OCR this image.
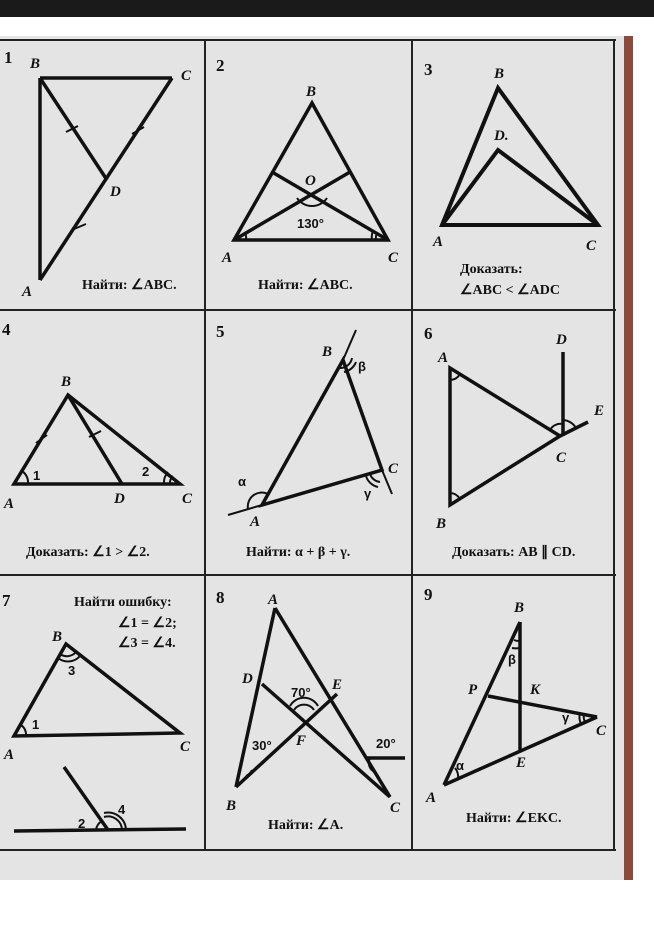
1 B
C
D
A	Найти: ∠ABC.
2
B
O
130°
A	C
Найти: ∠ABC.
3	B
D.
A	C
Доказать:
∠ABC < ∠ADC
4
B
1	2
A	D	C
Доказать: ∠1 > ∠2.
5
B
β
C
γ
α
A
Найти: α + β + γ.
6	D
A
E
C
B
Доказать: AB ∥ CD.
7	Найти ошибку:
∠1 = ∠2;
∠3 = ∠4.
B
3
1
A	C
2
4
8	A
D	E
70°
F
30°	20°
B	C
Найти: ∠A.
9
B
β
P	K
γ
C
E
α
A
Найти: ∠EKC.
